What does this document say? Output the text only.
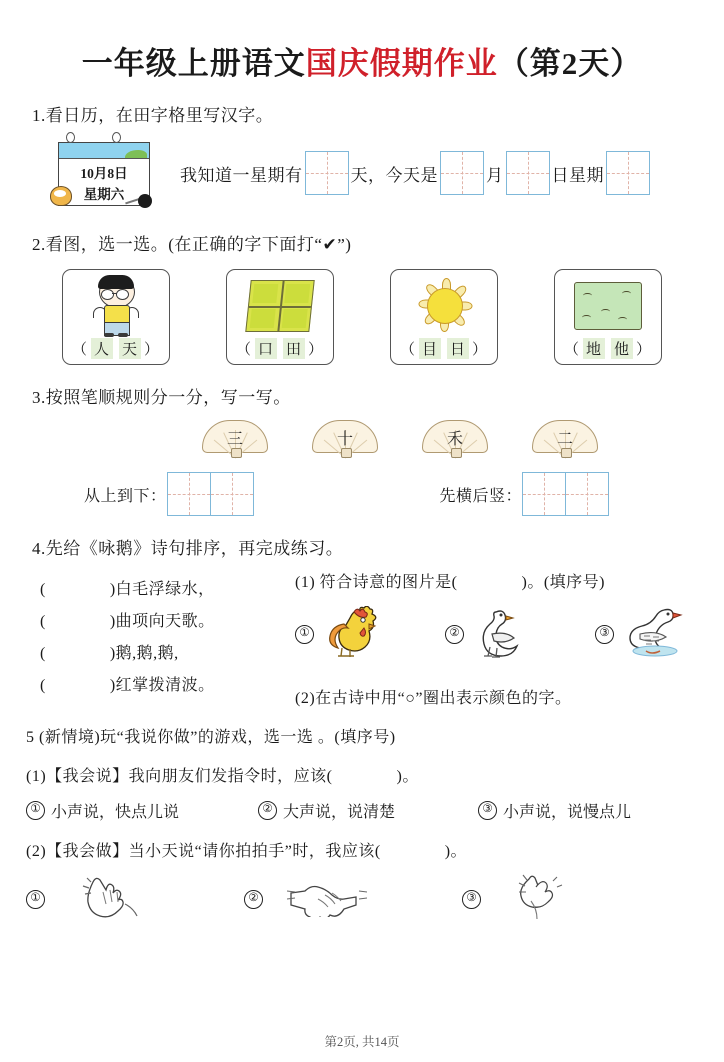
一年级上册语文国庆假期作业（第2天）
1.看日历，在田字格里写汉字。
10月8日
星期六
我知道一星期有	天，今天是	月	日星期
2.看图，选一选。(在正确的字下面打“✔”)
（ 人 天 ）	（ 口 田 ）	（ 目 日 ）	（ 地 他 ）
3.按照笔顺规则分一分，写一写。
三	十	禾	二
从上到下：	先横后竖：
4.先给《咏鹅》诗句排序，再完成练习。
(	)白毛浮绿水，
(	)曲项向天歌。
(	)鹅,鹅,鹅,
(	)红掌拨清波。
(1) 符合诗意的图片是(	)。(填序号)
①	②	③
(2)在古诗中用“○”圈出表示颜色的字。
5 (新情境)玩“我说你做”的游戏，选一选 。(填序号)
(1)【我会说】我向朋友们发指令时，应该(	)。
① 小声说，快点儿说	② 大声说，说清楚	③ 小声说，说慢点儿
(2)【我会做】当小天说“请你拍拍手”时，我应该(	)。
①	②	③
第2页, 共14页
